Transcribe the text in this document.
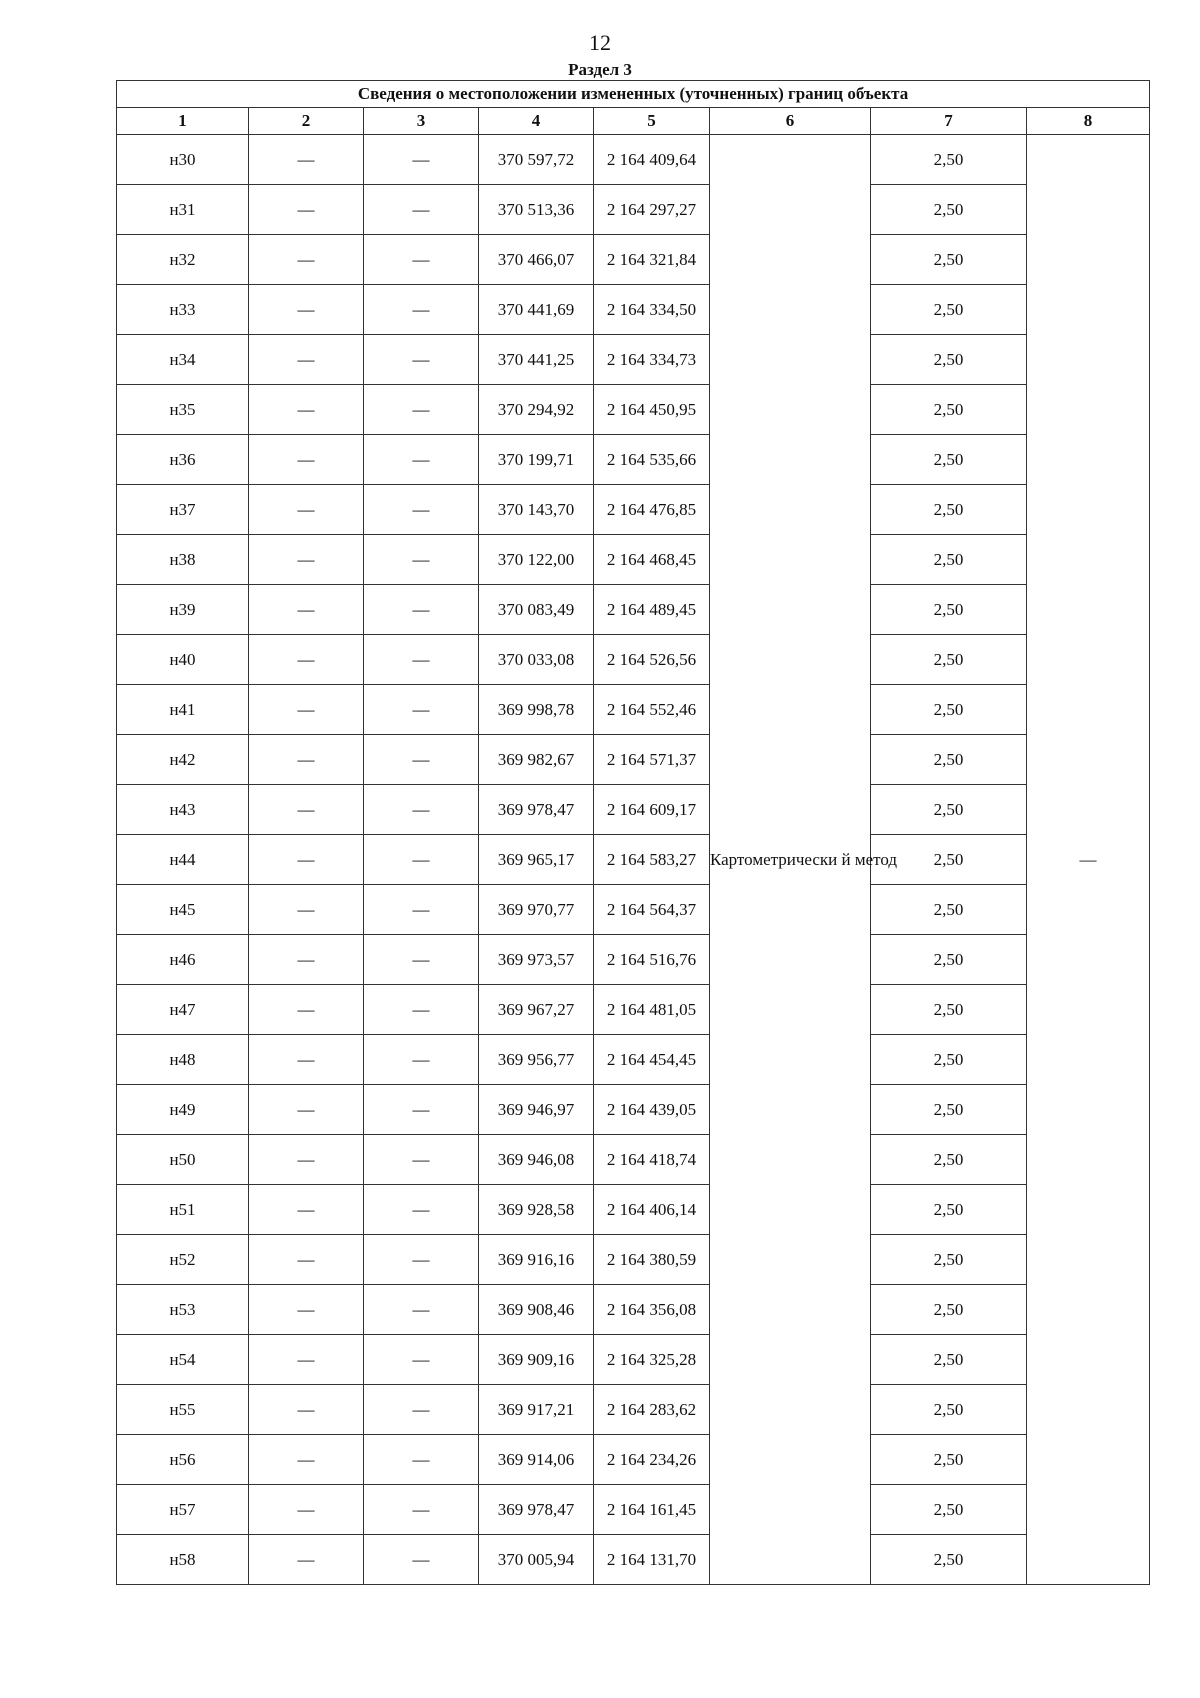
12
Раздел 3
Сведения о местоположении измененных (уточненных) границ объекта							
1	2	3	4	5	6	7	8
н30	—	—	370 597,72	2 164 409,64	Картометрически й метод	2,50	—
н31	—	—	370 513,36	2 164 297,27		2,50	
н32	—	—	370 466,07	2 164 321,84		2,50	
н33	—	—	370 441,69	2 164 334,50		2,50	
н34	—	—	370 441,25	2 164 334,73		2,50	
н35	—	—	370 294,92	2 164 450,95		2,50	
н36	—	—	370 199,71	2 164 535,66		2,50	
н37	—	—	370 143,70	2 164 476,85		2,50	
н38	—	—	370 122,00	2 164 468,45		2,50	
н39	—	—	370 083,49	2 164 489,45		2,50	
н40	—	—	370 033,08	2 164 526,56		2,50	
н41	—	—	369 998,78	2 164 552,46		2,50	
н42	—	—	369 982,67	2 164 571,37		2,50	
н43	—	—	369 978,47	2 164 609,17		2,50	
н44	—	—	369 965,17	2 164 583,27		2,50	
н45	—	—	369 970,77	2 164 564,37		2,50	
н46	—	—	369 973,57	2 164 516,76		2,50	
н47	—	—	369 967,27	2 164 481,05		2,50	
н48	—	—	369 956,77	2 164 454,45		2,50	
н49	—	—	369 946,97	2 164 439,05		2,50	
н50	—	—	369 946,08	2 164 418,74		2,50	
н51	—	—	369 928,58	2 164 406,14		2,50	
н52	—	—	369 916,16	2 164 380,59		2,50	
н53	—	—	369 908,46	2 164 356,08		2,50	
н54	—	—	369 909,16	2 164 325,28		2,50	
н55	—	—	369 917,21	2 164 283,62		2,50	
н56	—	—	369 914,06	2 164 234,26		2,50	
н57	—	—	369 978,47	2 164 161,45		2,50	
н58	—	—	370 005,94	2 164 131,70		2,50	
